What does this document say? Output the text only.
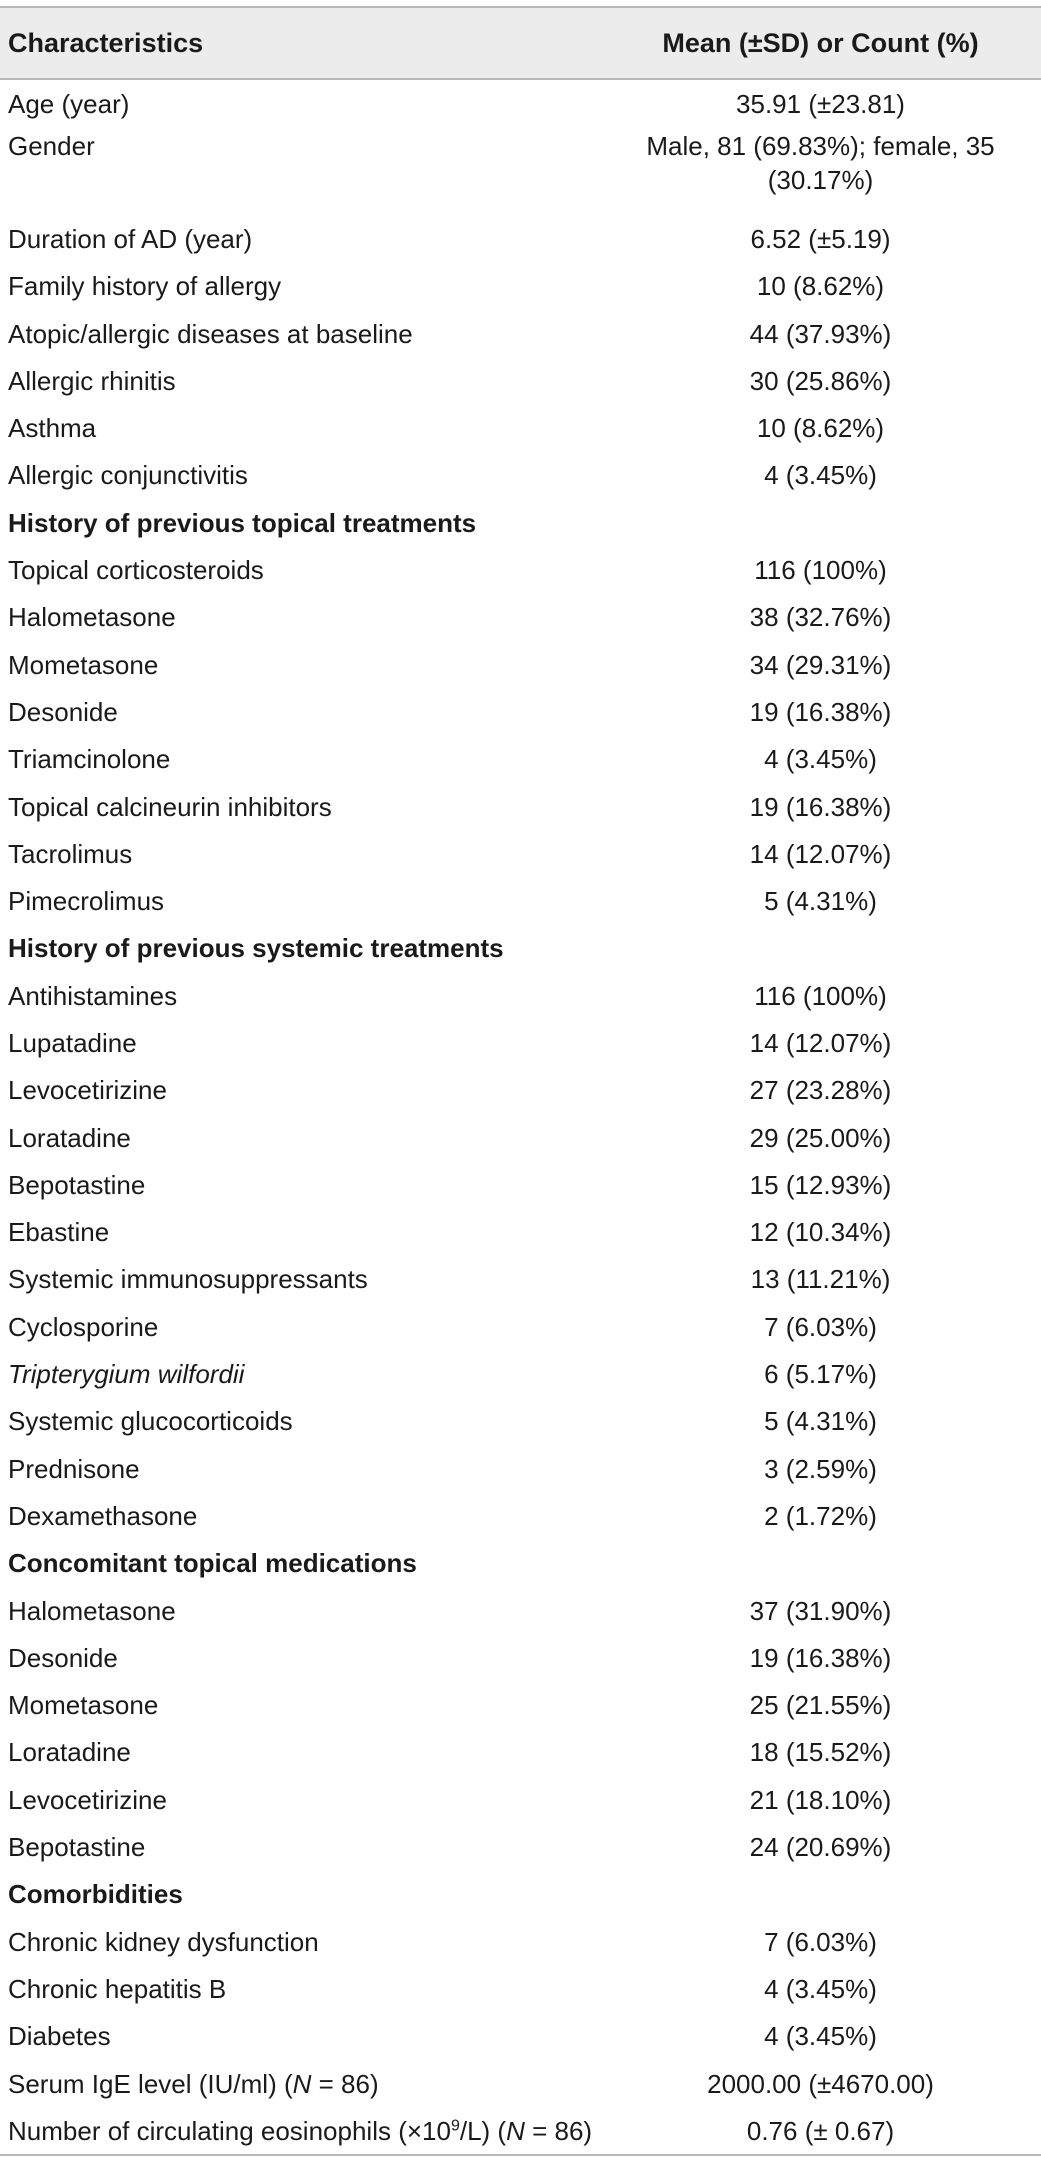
Characteristics	Mean (±SD) or Count (%)
Age (year)	35.91 (±23.81)
Gender	Male, 81 (69.83%); female, 35 (30.17%)
Duration of AD (year)	6.52 (±5.19)
Family history of allergy	10 (8.62%)
Atopic/allergic diseases at baseline	44 (37.93%)
Allergic rhinitis	30 (25.86%)
Asthma	10 (8.62%)
Allergic conjunctivitis	4 (3.45%)
History of previous topical treatments	
Topical corticosteroids	116 (100%)
Halometasone	38 (32.76%)
Mometasone	34 (29.31%)
Desonide	19 (16.38%)
Triamcinolone	4 (3.45%)
Topical calcineurin inhibitors	19 (16.38%)
Tacrolimus	14 (12.07%)
Pimecrolimus	5 (4.31%)
History of previous systemic treatments	
Antihistamines	116 (100%)
Lupatadine	14 (12.07%)
Levocetirizine	27 (23.28%)
Loratadine	29 (25.00%)
Bepotastine	15 (12.93%)
Ebastine	12 (10.34%)
Systemic immunosuppressants	13 (11.21%)
Cyclosporine	7 (6.03%)
Tripterygium wilfordii	6 (5.17%)
Systemic glucocorticoids	5 (4.31%)
Prednisone	3 (2.59%)
Dexamethasone	2 (1.72%)
Concomitant topical medications	
Halometasone	37 (31.90%)
Desonide	19 (16.38%)
Mometasone	25 (21.55%)
Loratadine	18 (15.52%)
Levocetirizine	21 (18.10%)
Bepotastine	24 (20.69%)
Comorbidities	
Chronic kidney dysfunction	7 (6.03%)
Chronic hepatitis B	4 (3.45%)
Diabetes	4 (3.45%)
Serum IgE level (IU/ml) (N = 86)	2000.00 (±4670.00)
Number of circulating eosinophils $(\times 10^9/L) (N = 86)$	0.76 (± 0.67)
